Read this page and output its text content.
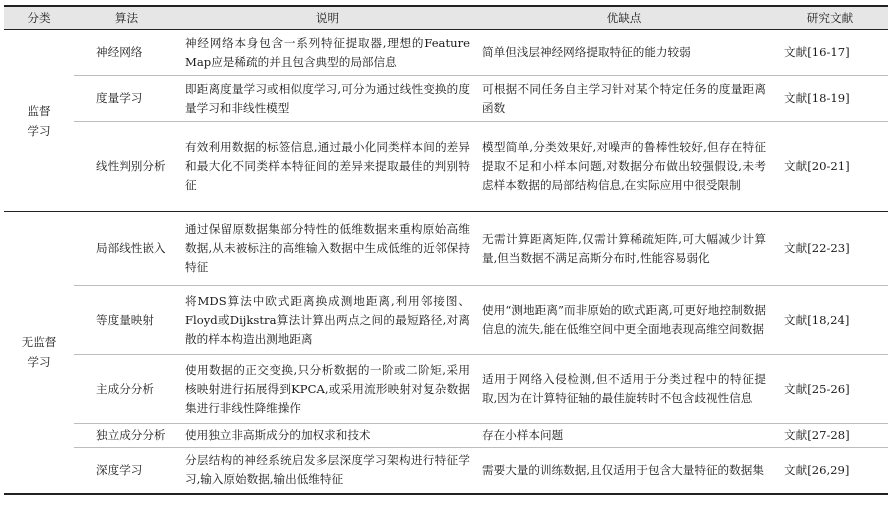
分类	算法	说明	优缺点	研究文献

监督
学习	神经网络	神经网络本身包含一系列特征提取器,理想的Feature Map应是稀疏的并且包含典型的局部信息	简单但浅层神经网络提取特征的能力较弱	文献[16-17]
	度量学习	即距离度量学习或相似度学习,可分为通过线性变换的度量学习和非线性模型	可根据不同任务自主学习针对某个特定任务的度量距离函数	文献[18-19]
	线性判别分析	有效利用数据的标签信息,通过最小化同类样本间的差异和最大化不同类样本特征间的差异来提取最佳的判别特征	模型简单,分类效果好,对噪声的鲁棒性较好,但存在特征提取不足和小样本问题,对数据分布做出较强假设,未考虑样本数据的局部结构信息,在实际应用中很受限制	文献[20-21]

无监督
学习	局部线性嵌入	通过保留原数据集部分特性的低维数据来重构原始高维数据,从未被标注的高维输入数据中生成低维的近邻保持特征	无需计算距离矩阵,仅需计算稀疏矩阵,可大幅减少计算量,但当数据不满足高斯分布时,性能容易弱化	文献[22-23]
	等度量映射	将MDS算法中欧式距离换成测地距离,利用邻接图、Floyd或Dijkstra算法计算出两点之间的最短路径,对离散的样本构造出测地距离	使用“测地距离”而非原始的欧式距离,可更好地控制数据信息的流失,能在低维空间中更全面地表现高维空间数据	文献[18,24]
	主成分分析	使用数据的正交变换,只分析数据的一阶或二阶矩,采用核映射进行拓展得到KPCA,或采用流形映射对复杂数据集进行非线性降维操作	适用于网络入侵检测,但不适用于分类过程中的特征提取,因为在计算特征轴的最佳旋转时不包含歧视性信息	文献[25-26]
	独立成分分析	使用独立非高斯成分的加权求和技术	存在小样本问题	文献[27-28]
	深度学习	分层结构的神经系统启发多层深度学习架构进行特征学习,输入原始数据,输出低维特征	需要大量的训练数据,且仅适用于包含大量特征的数据集	文献[26,29]
